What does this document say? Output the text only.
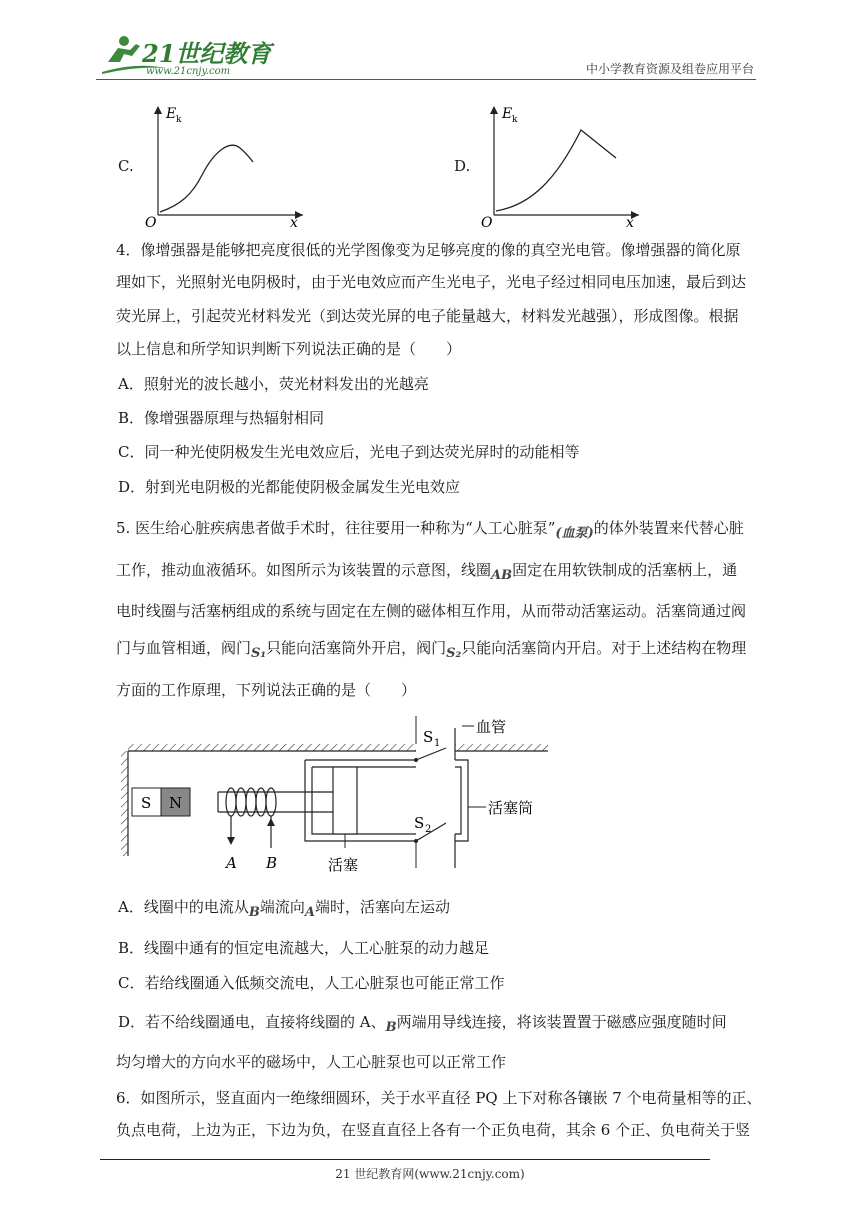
21世纪教育
www.21cnjy.com	中小学教育资源及组卷应用平台
C.
E k
O	x
D.
E k
O	x
4．像增强器是能够把亮度很低的光学图像变为足够亮度的像的真空光电管。像增强器的简化原
理如下，光照射光电阴极时，由于光电效应而产生光电子，光电子经过相同电压加速，最后到达
荧光屏上，引起荧光材料发光（到达荧光屏的电子能量越大，材料发光越强），形成图像。根据
以上信息和所学知识判断下列说法正确的是（　　）
A．照射光的波长越小，荧光材料发出的光越亮
B．像增强器原理与热辐射相同
C．同一种光使阴极发生光电效应后，光电子到达荧光屏时的动能相等
D．射到光电阴极的光都能使阴极金属发生光电效应
5. 医生给心脏疾病患者做手术时，往往要用一种称为“人工心脏泵”(血泵)的体外装置来代替心脏
工作，推动血液循环。如图所示为该装置的示意图，线圈AB固定在用软铁制成的活塞柄上，通
电时线圈与活塞柄组成的系统与固定在左侧的磁体相互作用，从而带动活塞运动。活塞筒通过阀
门与血管相通，阀门S₁只能向活塞筒外开启，阀门S₂只能向活塞筒内开启。对于上述结构在物理
方面的工作原理，下列说法正确的是（　　）
S N
A B	活塞
S 1
血管
S 2
活塞筒
A．线圈中的电流从B端流向A端时，活塞向左运动
B．线圈中通有的恒定电流越大，人工心脏泵的动力越足
C．若给线圈通入低频交流电，人工心脏泵也可能正常工作
D．若不给线圈通电，直接将线圈的 A、B两端用导线连接，将该装置置于磁感应强度随时间
均匀增大的方向水平的磁场中，人工心脏泵也可以正常工作
6．如图所示，竖直面内一绝缘细圆环，关于水平直径 PQ 上下对称各镶嵌 7 个电荷量相等的正、
负点电荷，上边为正，下边为负，在竖直直径上各有一个正负电荷，其余 6 个正、负电荷关于竖
21 世纪教育网(www.21cnjy.com)
